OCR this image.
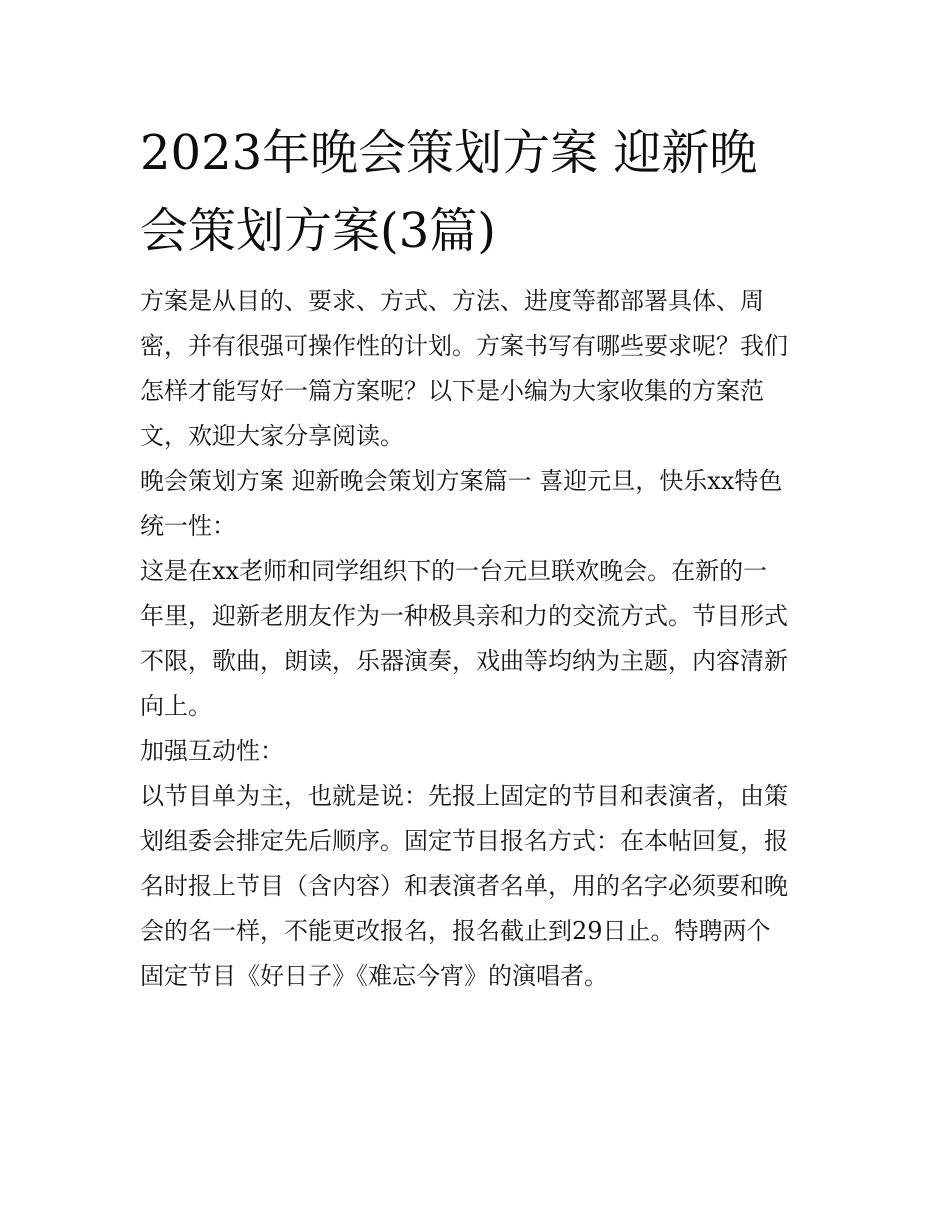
2023年晚会策划方案 迎新晚
会策划方案(3篇)
方案是从目的、要求、方式、方法、进度等都部署具体、周
密，并有很强可操作性的计划。方案书写有哪些要求呢？我们
怎样才能写好一篇方案呢？以下是小编为大家收集的方案范
文，欢迎大家分享阅读。
晚会策划方案 迎新晚会策划方案篇一 喜迎元旦，快乐xx特色
统一性：
这是在xx老师和同学组织下的一台元旦联欢晚会。在新的一
年里，迎新老朋友作为一种极具亲和力的交流方式。节目形式
不限，歌曲，朗读，乐器演奏，戏曲等均纳为主题，内容清新
向上。
加强互动性：
以节目单为主，也就是说：先报上固定的节目和表演者，由策
划组委会排定先后顺序。固定节目报名方式：在本帖回复，报
名时报上节目（含内容）和表演者名单，用的名字必须要和晚
会的名一样，不能更改报名，报名截止到29日止。特聘两个
固定节目《好日子》《难忘今宵》的演唱者。
